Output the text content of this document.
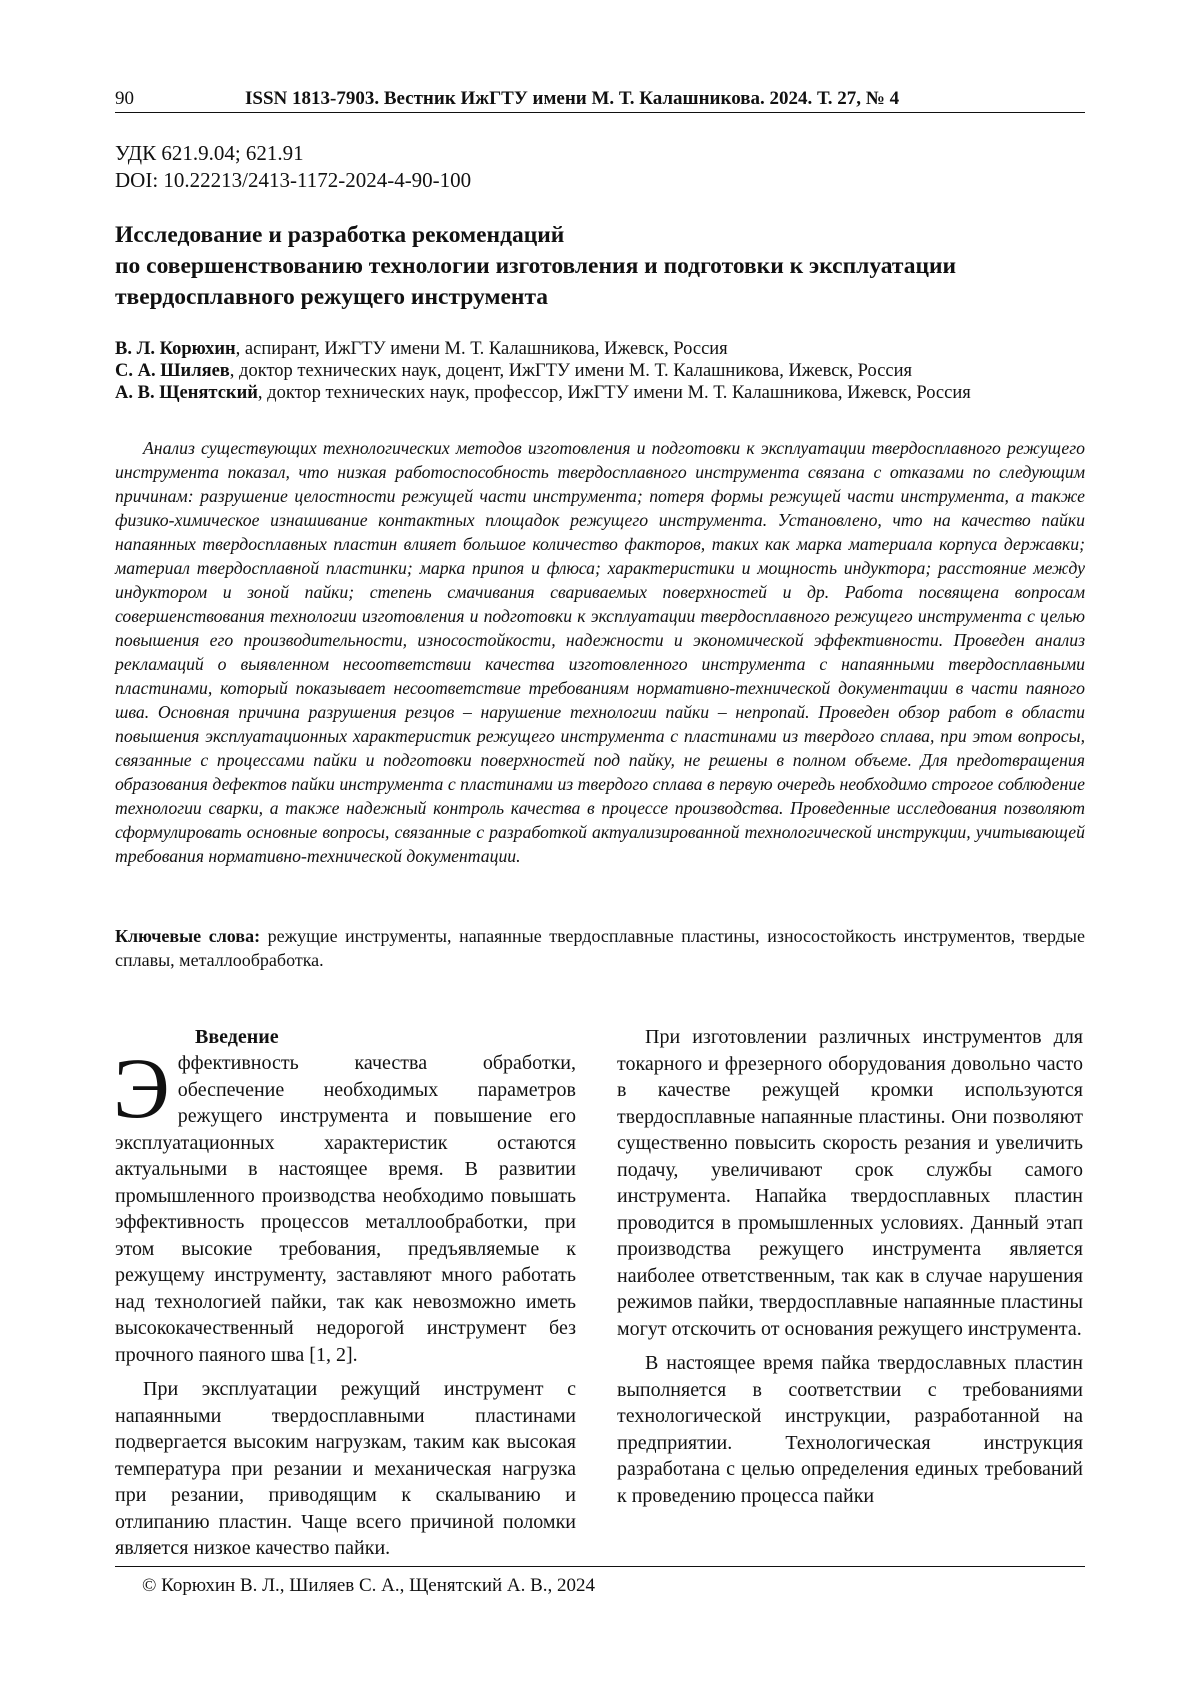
90	ISSN 1813-7903. Вестник ИжГТУ имени М. Т. Калашникова. 2024. Т. 27, № 4
УДК 621.9.04; 621.91
DOI: 10.22213/2413-1172-2024-4-90-100
Исследование и разработка рекомендаций
по совершенствованию технологии изготовления и подготовки к эксплуатации
твердосплавного режущего инструмента
В. Л. Корюхин, аспирант, ИжГТУ имени М. Т. Калашникова, Ижевск, Россия
С. А. Шиляев, доктор технических наук, доцент, ИжГТУ имени М. Т. Калашникова, Ижевск, Россия
А. В. Щенятский, доктор технических наук, профессор, ИжГТУ имени М. Т. Калашникова, Ижевск, Россия

Анализ существующих технологических методов изготовления и подготовки к эксплуатации твердосплавного режущего инструмента показал, что низкая работоспособность твердосплавного инструмента связана с отказами по следующим причинам: разрушение целостности режущей части инструмента; потеря формы режущей части инструмента, а также физико-химическое изнашивание контактных площадок режущего инструмента. Установлено, что на качество пайки напаянных твердосплавных пластин влияет большое количество факторов, таких как марка материала корпуса державки; материал твердосплавной пластинки; марка припоя и флюса; характеристики и мощность индуктора; расстояние между индуктором и зоной пайки; степень смачивания свариваемых поверхностей и др. Работа посвящена вопросам совершенствования технологии изготовления и подготовки к эксплуатации твердосплавного режущего инструмента с целью повышения его производительности, износостойкости, надежности и экономической эффективности. Проведен анализ рекламаций о выявленном несоответствии качества изготовленного инструмента с напаянными твердосплавными пластинами, который показывает несоответствие требованиям нормативно-технической документации в части паяного шва. Основная причина разрушения резцов – нарушение технологии пайки – непропай. Проведен обзор работ в области повышения эксплуатационных характеристик режущего инструмента с пластинами из твердого сплава, при этом вопросы, связанные с процессами пайки и подготовки поверхностей под пайку, не решены в полном объеме. Для предотвращения образования дефектов пайки инструмента с пластинами из твердого сплава в первую очередь необходимо строгое соблюдение технологии сварки, а также надежный контроль качества в процессе производства. Проведенные исследования позволяют сформулировать основные вопросы, связанные с разработкой актуализированной технологической инструкции, учитывающей требования нормативно-технической документации.

Ключевые слова: режущие инструменты, напаянные твердосплавные пластины, износостойкость инструментов, твердые сплавы, металлообработка.

Введение
Э ффективность качества обработки, обеспечение необходимых параметров режущего инструмента и повышение его эксплуатационных характеристик остаются актуальными в настоящее время. В развитии промышленного производства необходимо повышать эффективность процессов металлообработки, при этом высокие требования, предъявляемые к режущему инструменту, заставляют много работать над технологией пайки, так как невозможно иметь высококачественный недорогой инструмент без прочного паяного шва [1, 2].

При эксплуатации режущий инструмент с напаянными твердосплавными пластинами подвергается высоким нагрузкам, таким как высокая температура при резании и механическая нагрузка при резании, приводящим к скалыванию и отлипанию пластин. Чаще всего причиной поломки является низкое качество пайки.

При изготовлении различных инструментов для токарного и фрезерного оборудования довольно часто в качестве режущей кромки используются твердосплавные напаянные пластины. Они позволяют существенно повысить скорость резания и увеличить подачу, увеличивают срок службы самого инструмента. Напайка твердосплавных пластин проводится в промышленных условиях. Данный этап производства режущего инструмента является наиболее ответственным, так как в случае нарушения режимов пайки, твердосплавные напаянные пластины могут отскочить от основания режущего инструмента.

В настоящее время пайка твердославных пластин выполняется в соответствии с требованиями технологической инструкции, разработанной на предприятии. Технологическая инструкция разработана с целью определения единых требований к проведению процесса пайки

© Корюхин В. Л., Шиляев С. А., Щенятский А. В., 2024
